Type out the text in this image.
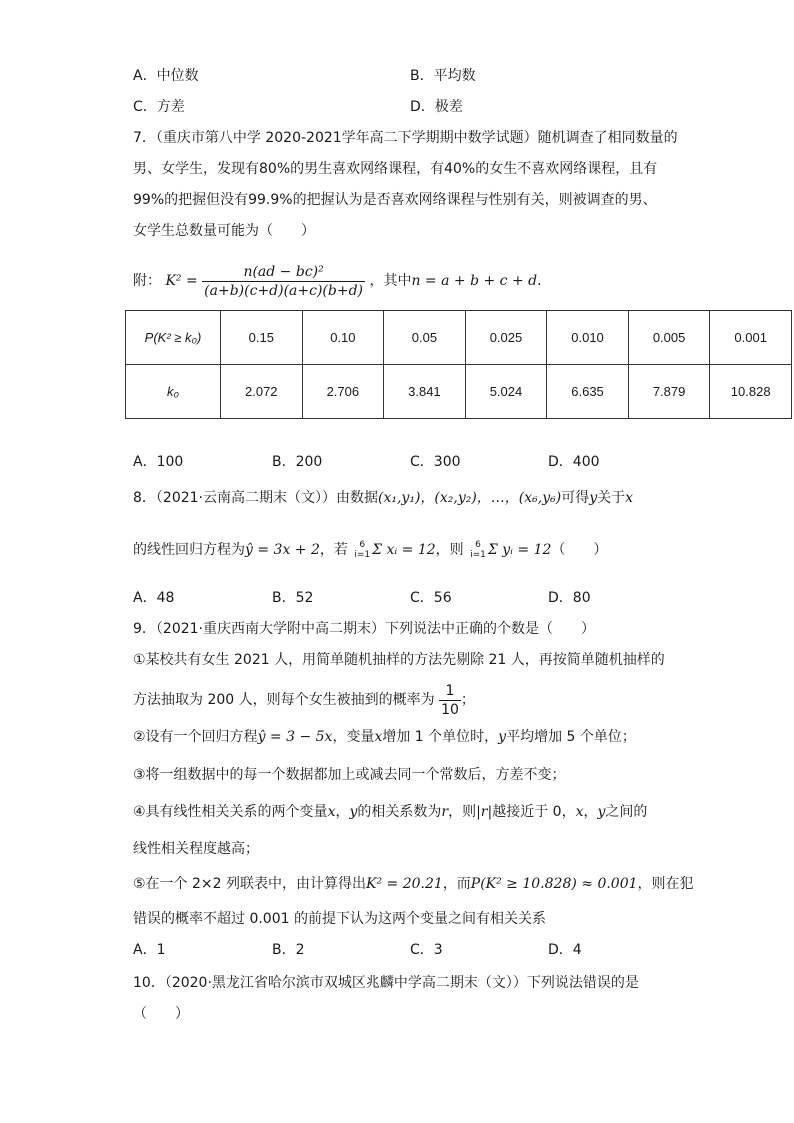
A．中位数	B．平均数
C．方差	D．极差
7．（重庆市第八中学 2020-2021学年高二下学期期中数学试题）随机调查了相同数量的
男、女学生，发现有80%的男生喜欢网络课程，有40%的女生不喜欢网络课程，且有
99%的把握但没有99.9%的把握认为是否喜欢网络课程与性别有关，则被调查的男、
女学生总数量可能为（　　）
附： $K^2 = \frac{\text{n(ad − bc)²}}{(a+b)(c+d)(a+c)(b+d)}$ ，其中n = a + b + c + d．
P(K² ≥ k₀)	0.15	0.10	0.05	0.025	0.010	0.005	0.001
k₀	2.072	2.706	3.841	5.024	6.635	7.879	10.828
A．100	B．200	C．300	D．400
8．（2021·云南高二期末（文））由数据(x₁,y₁)，(x₂,y₂)，…，(x₆,y₆)可得y关于x
的线性回归方程为ŷ = 3x + 2，若	6
i=1 Σ xᵢ = 12，则	6
i=1 Σ yᵢ = 12（　　）
A．48	B．52	C．56	D．80
9．（2021·重庆西南大学附中高二期末）下列说法中正确的个数是（　　）
①某校共有女生 2021 人，用简单随机抽样的方法先剔除 21 人，再按简单随机抽样的
方法抽取为 200 人，则每个女生被抽到的概率为 $\frac{1}{10}$ ；
②设有一个回归方程ŷ = 3 − 5x，变量x增加 1 个单位时，y平均增加 5 个单位；
③将一组数据中的每一个数据都加上或减去同一个常数后，方差不变；
④具有线性相关关系的两个变量x，y的相关系数为r，则|r|越接近于 0，x，y之间的
线性相关程度越高；
⑤在一个 2×2 列联表中，由计算得出K² = 20.21，而P(K² ≥ 10.828) ≈ 0.001，则在犯
错误的概率不超过 0.001 的前提下认为这两个变量之间有相关关系
A．1	B．2	C．3	D．4
10．（2020·黑龙江省哈尔滨市双城区兆麟中学高二期末（文））下列说法错误的是
（　　）
